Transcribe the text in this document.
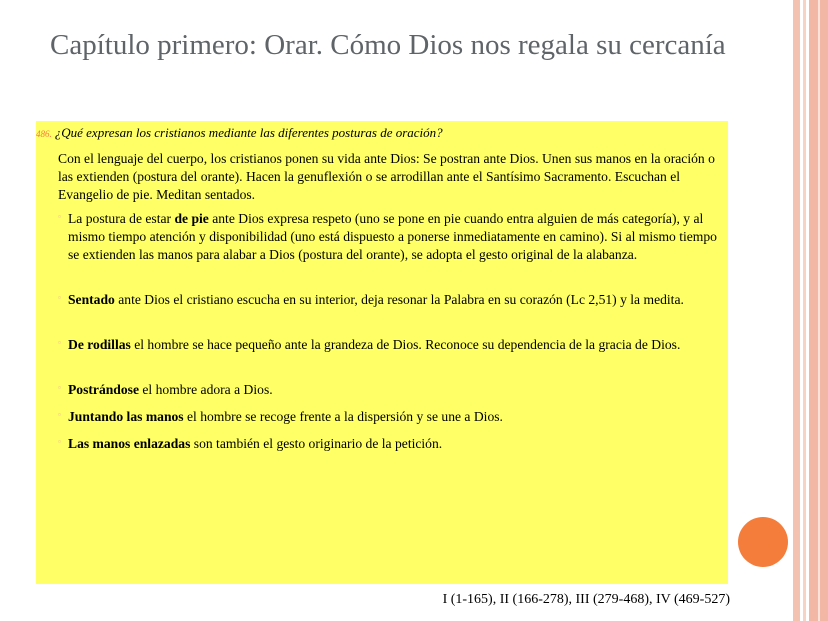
Capítulo primero: Orar. Cómo Dios nos regala su cercanía
486. ¿Qué expresan los cristianos mediante las diferentes posturas de oración?
Con el lenguaje del cuerpo, los cristianos ponen su vida ante Dios: Se postran ante Dios. Unen sus manos en la oración o las extienden (postura del orante). Hacen la genuflexión o se arrodillan ante el Santísimo Sacramento. Escuchan el Evangelio de pie. Meditan sentados.
▫ La postura de estar de pie ante Dios expresa respeto (uno se pone en pie cuando entra alguien de más categoría), y al mismo tiempo atención y disponibilidad (uno está dispuesto a ponerse inmediatamente en camino). Si al mismo tiempo se extienden las manos para alabar a Dios (postura del orante), se adopta el gesto original de la alabanza.
▫ Sentado ante Dios el cristiano escucha en su interior, deja resonar la Palabra en su corazón (Lc 2,51) y la medita.
▫ De rodillas el hombre se hace pequeño ante la grandeza de Dios. Reconoce su dependencia de la gracia de Dios.
▫ Postrándose el hombre adora a Dios.
▫ Juntando las manos el hombre se recoge frente a la dispersión y se une a Dios.
▫ Las manos enlazadas son también el gesto originario de la petición.
I (1-165), II (166-278), III (279-468), IV (469-527)
